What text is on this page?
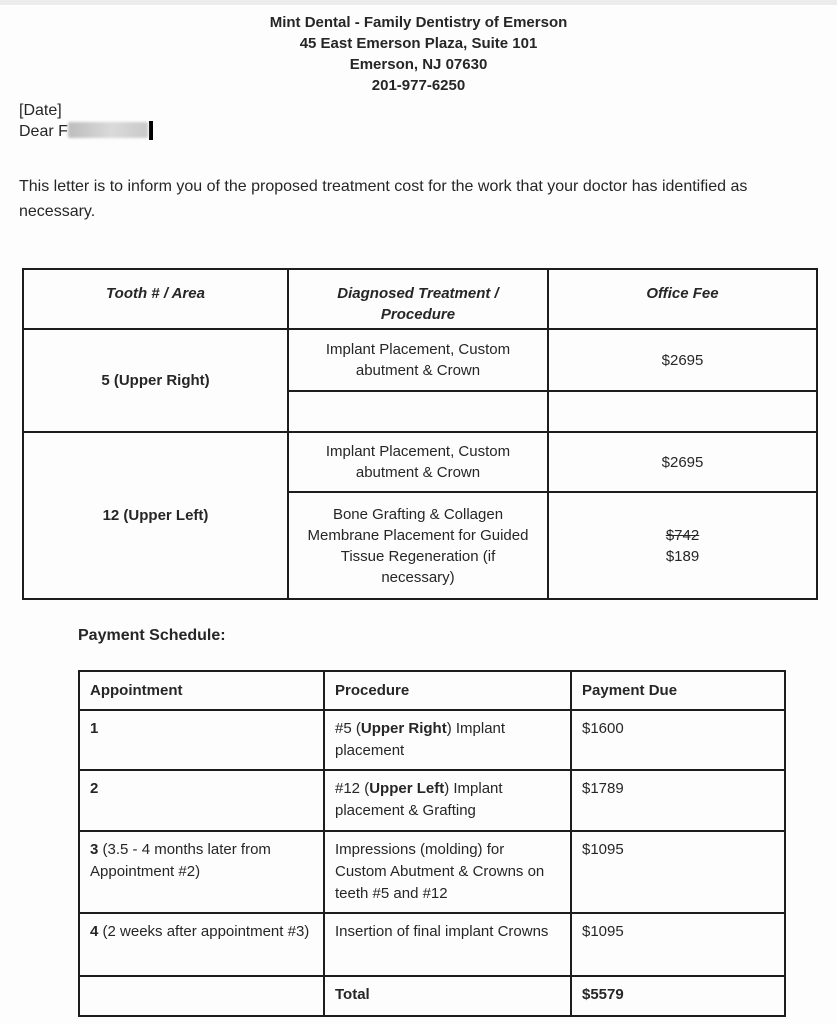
Mint Dental - Family Dentistry of Emerson
45 East Emerson Plaza, Suite 101
Emerson, NJ 07630
201-977-6250
[Date]
Dear F

This letter is to inform you of the proposed treatment cost for the work that your doctor has identified as necessary.

Tooth # / Area	Diagnosed Treatment / Procedure	Office Fee
5 (Upper Right)	Implant Placement, Custom abutment & Crown	$2695

12 (Upper Left)	Implant Placement, Custom abutment & Crown	$2695
	Bone Grafting & Collagen Membrane Placement for Guided Tissue Regeneration (if necessary)	$742
$189
Payment Schedule:
Appointment	Procedure	Payment Due
1	#5 (Upper Right) Implant placement	$1600
2	#12 (Upper Left) Implant placement & Grafting	$1789
3 (3.5 - 4 months later from Appointment #2)	Impressions (molding) for Custom Abutment & Crowns on teeth #5 and #12	$1095
4 (2 weeks after appointment #3)	Insertion of final implant Crowns	$1095
	Total	$5579
